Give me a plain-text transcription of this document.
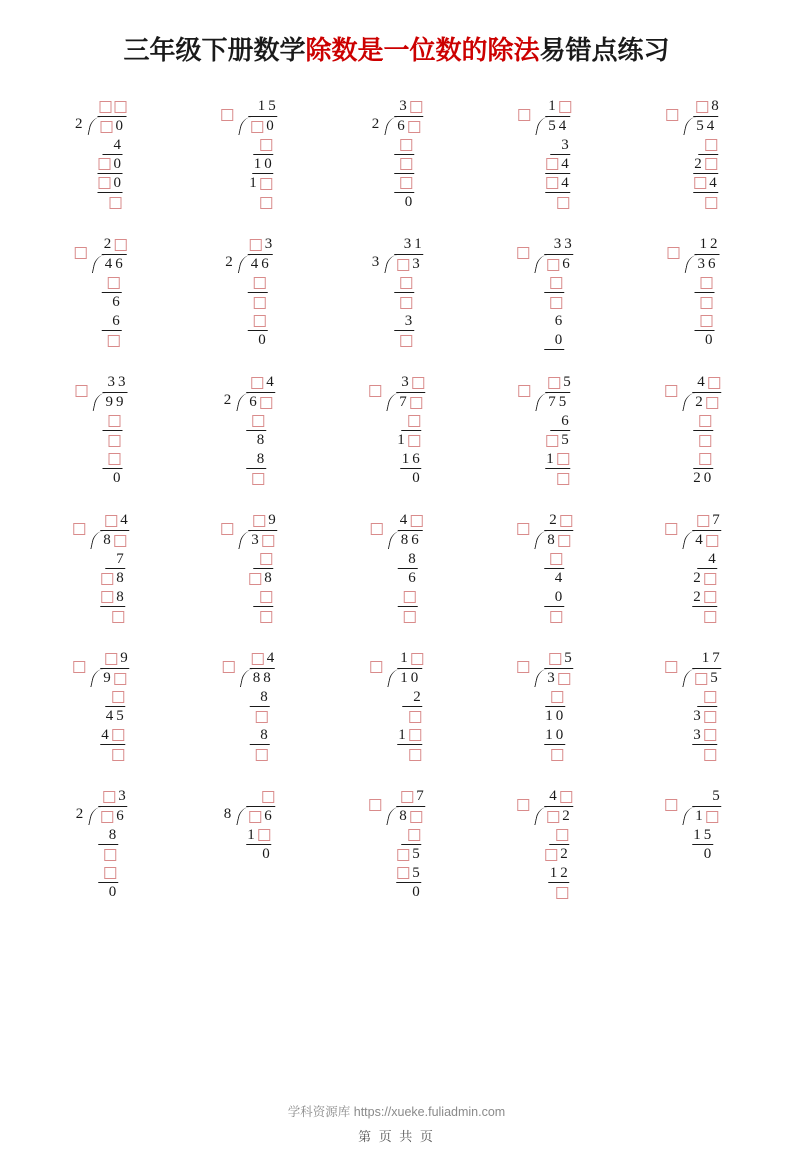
三年级下册数学除数是一位数的除法易错点练习
2 0
4
0
0
1 5
0
1 0
1
2
3
6
0
1
5 4
3
4
4
8
5 4
2
4
2
4 6
6
6
2
3
4 6
0
3
3 1
3
3
3 3
6
6
0
1 2
3 6
0
3 3
9 9
0
2
4
6
8
8
3
7
1
1 6
0
5
7 5
6
5
1
4
2
2 0
4
8
7
8
8
9
3
8
4
8 6
8
6
2
8
4
0
7
4
4
2
2
9
9
4 5
4
4
8 8
8
8
1
1 0
2
1
5
3
1 0
1 0
1 7
5
3
3
2
3
6
8
0
8 6
1
0
7
8
5
5
0
4
2
2
1 2
5
1
1 5
0
学科资源库 https://xueke.fuliadmin.com
第 页 共 页
